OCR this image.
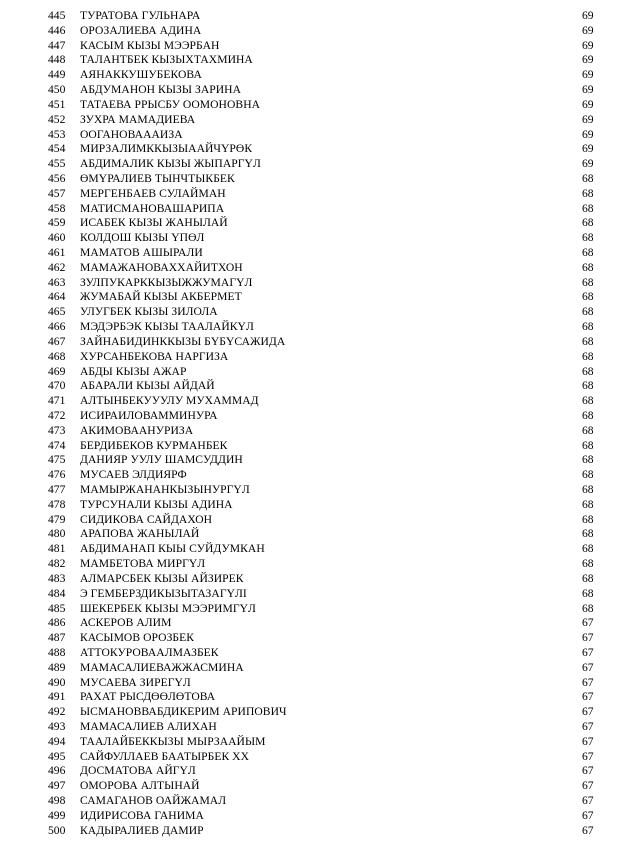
445 ТУРАТОВА ГУЛЬНАРА	69
446 ОРОЗАЛИЕВА АДИНА	69
447 КАСЫМ КЫЗЫ МЭЭРБАН	69
448 ТАЛАНТБЕК КЫЗЫХТАХМИНА	69
449 АЯНАККУШУБЕКОВА	69
450 АБДУМАНОН КЫЗЫ ЗАРИНА	69
451 ТАТАЕВА РРЫСБУ ООМОНОВНА	69
452 ЗУХРА МАМАДИЕВА	69
453 ООГАНОВАААИЗА	69
454 МИРЗАЛИМККЫЗЫААЙЧҮРӨК	69
455 АБДИМАЛИК КЫЗЫ ЖЫПАРГҮЛ	69
456 ӨМҮРАЛИЕВ ТЫНЧТЫКБЕК	68
457 МЕРГЕНБАЕВ СУЛАЙМАН	68
458 МАТИСМАНОВАШАРИПА	68
459 ИСАБЕК КЫЗЫ ЖАНЫЛАЙ	68
460 КОЛДОШ КЫЗЫ ҮПӨЛ	68
461 МАМАТОВ АШЫРАЛИ	68
462 МАМАЖАНОВАХХАЙИТХОН	68
463 ЗУЛПУКАРККЫЗЫЖЖУМАГҮЛ	68
464 ЖУМАБАЙ КЫЗЫ АКБЕРМЕТ	68
465 УЛУГБЕК КЫЗЫ ЗИЛОЛА	68
466 МЭДЭРБЭК КЫЗЫ ТААЛАЙКҮЛ	68
467 ЗАЙНАБИДИНККЫЗЫ БҮБҮСАЖИДА	68
468 ХУРСАНБЕКОВА НАРГИЗА	68
469 АБДЫ КЫЗЫ АЖАР	68
470 АБАРАЛИ КЫЗЫ АЙДАЙ	68
471 АЛТЫНБЕКУУУЛУ МУХАММАД	68
472 ИСИРАИЛОВАММИНУРА	68
473 АКИМОВААНУРИЗА	68
474 БЕРДИБЕКОВ КУРМАНБЕК	68
475 ДАНИЯР УУЛУ ШАМСУДДИН	68
476 МУСАЕВ ЭЛДИЯРФ	68
477 МАМЫРЖАНАНКЫЗЫНУРГҮЛ	68
478 ТУРСУНАЛИ КЫЗЫ АДИНА	68
479 СИДИКОВА САЙДАХОН	68
480 АРАПОВА ЖАНЫЛАЙ	68
481 АБДИМАНАП КЫЫ СУЙДУМКАН	68
482 МАМБЕТОВА МИРГҮЛ	68
483 АЛМАРСБЕК КЫЗЫ АЙЗИРЕК	68
484 Э ГЕМБЕРЗДИКЫЗЫТАЗАГҮЛІ	68
485 ШЕКЕРБЕК КЫЗЫ МЭЭРИМГҮЛ	68
486 АСКЕРОВ АЛИМ	67
487 КАСЫМОВ ОРОЗБЕК	67
488 АТТОКУРОВААЛМАЗБЕК	67
489 МАМАСАЛИЕВАЖЖАСМИНА	67
490 МУСАЕВА ЗИРЕГҮЛ	67
491 РАХАТ РЫСДӨӨЛӨТОВА	67
492 ЫСМАНОВВАБДИКЕРИМ АРИПОВИЧ	67
493 МАМАСАЛИЕВ АЛИХАН	67
494 ТААЛАЙБЕККЫЗЫ МЫРЗААЙЫМ	67
495 САЙФУЛЛАЕВ БААТЫРБЕК ХХ	67
496 ДОСМАТОВА АЙГҮЛ	67
497 ОМОРОВА АЛТЫНАЙ	67
498 САМАГАНОВ ОАЙЖАМАЛ	67
499 ИДИРИСОВА ГАНИМА	67
500 КАДЫРАЛИЕВ ДАМИР	67
